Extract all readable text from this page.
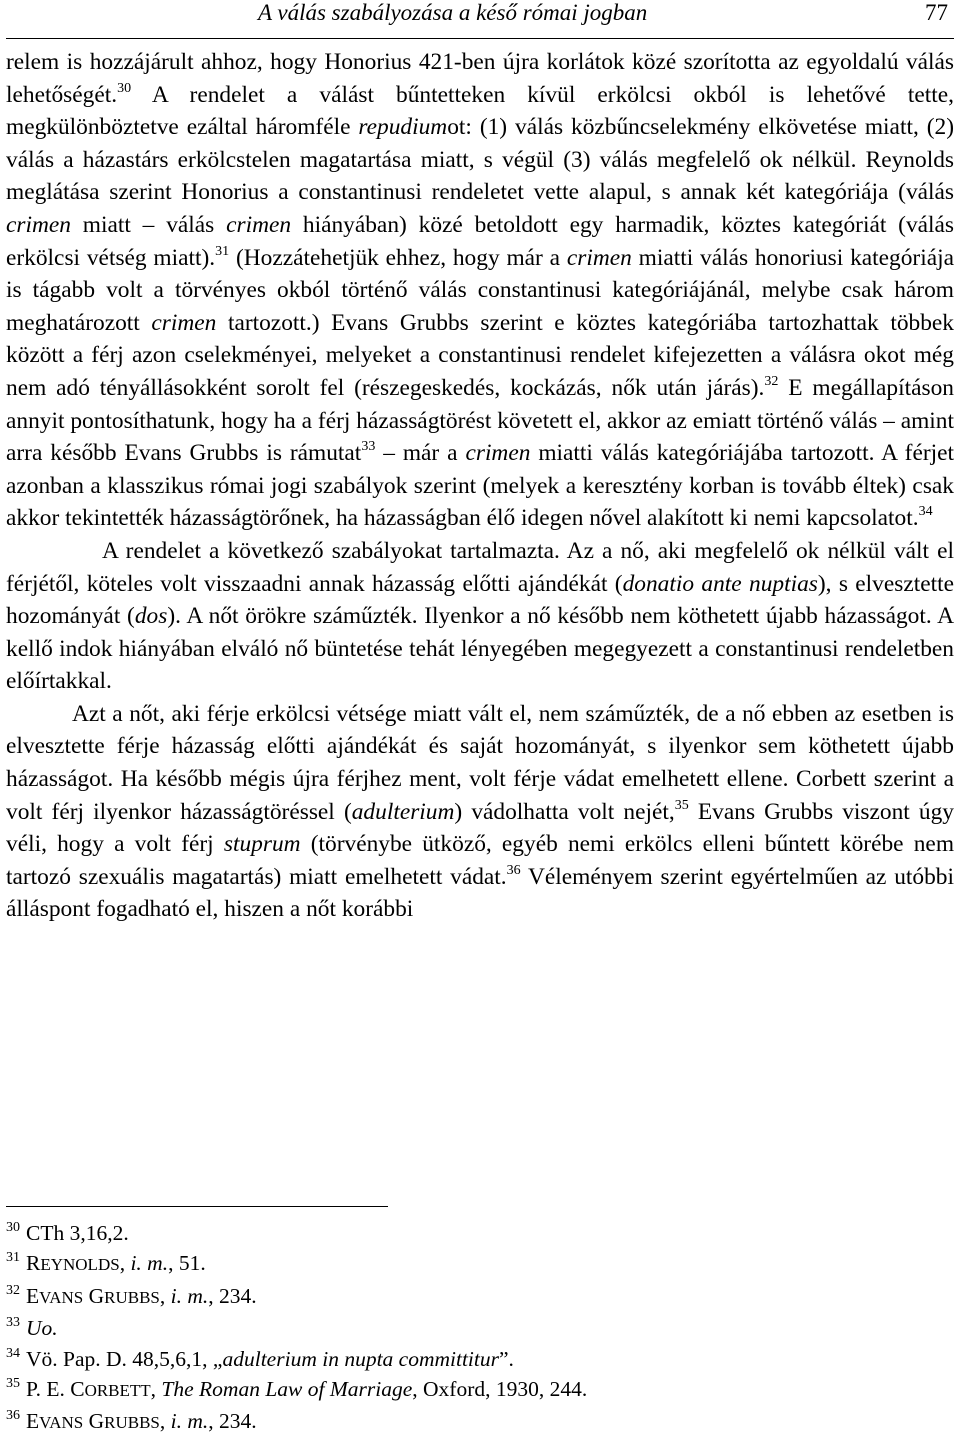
A válás szabályozása a késő római jogban	77

relem is hozzájárult ahhoz, hogy Honorius 421-ben újra korlátok közé szorította az egyoldalú válás lehetőségét.$^{30}$ A rendelet a válást bűntetteken kívül erkölcsi okból is lehetővé tette, megkülönböztetve ezáltal háromféle repudiumot: (1) válás közbűncselekmény elkövetése miatt, (2) válás a házastárs erkölcstelen magatartása miatt, s végül (3) válás megfelelő ok nélkül. Reynolds meglátása szerint Honorius a constantinusi rendeletet vette alapul, s annak két kategóriája (válás crimen miatt – válás crimen hiányában) közé betoldott egy harmadik, köztes kategóriát (válás erkölcsi vétség miatt).$^{31}$ (Hozzátehetjük ehhez, hogy már a crimen miatti válás honoriusi kategóriája is tágabb volt a törvényes okból történő válás constantinusi kategóriájánál, melybe csak három meghatározott crimen tartozott.) Evans Grubbs szerint e köztes kategóriába tartozhattak többek között a férj azon cselekményei, melyeket a constantinusi rendelet kifejezetten a válásra okot még nem adó tényállásokként sorolt fel (részegeskedés, kockázás, nők után járás).$^{32}$ E megállapításon annyit pontosíthatunk, hogy ha a férj házasságtörést követett el, akkor az emiatt történő válás – amint arra később Evans Grubbs is rámutat$^{33}$ – már a crimen miatti válás kategóriájába tartozott. A férjet azonban a klasszikus római jogi szabályok szerint (melyek a keresztény korban is tovább éltek) csak akkor tekintették házasságtörőnek, ha házasságban élő idegen nővel alakított ki nemi kapcsolatot.$^{34}$

A rendelet a következő szabályokat tartalmazta. Az a nő, aki megfelelő ok nélkül vált el férjétől, köteles volt visszaadni annak házasság előtti ajándékát (donatio ante nuptias), s elvesztette hozományát (dos). A nőt örökre száműzték. Ilyenkor a nő később nem köthetett újabb házasságot. A kellő indok hiányában elváló nő büntetése tehát lényegében megegyezett a constantinusi rendeletben előírtakkal.

Azt a nőt, aki férje erkölcsi vétsége miatt vált el, nem száműzték, de a nő ebben az esetben is elvesztette férje házasság előtti ajándékát és saját hozományát, s ilyenkor sem köthetett újabb házasságot. Ha később mégis újra férjhez ment, volt férje vádat emelhetett ellene. Corbett szerint a volt férj ilyenkor házasságtöréssel (adulterium) vádolhatta volt nejét,$^{35}$ Evans Grubbs viszont úgy véli, hogy a volt férj stuprum (törvénybe ütköző, egyéb nemi erkölcs elleni bűntett körébe nem tartozó szexuális magatartás) miatt emelhetett vádat.$^{36}$ Véleményem szerint egyértelműen az utóbbi álláspont fogadható el, hiszen a nőt korábbi

$^{30}$ CTh 3,16,2.
$^{31}$ REYNOLDS, i. m., 51.
$^{32}$ EVANS GRUBBS, i. m., 234.
$^{33}$ Uo.
$^{34}$ Vö. Pap. D. 48,5,6,1, „adulterium in nupta committitur”.
$^{35}$ P. E. CORBETT, The Roman Law of Marriage, Oxford, 1930, 244.
$^{36}$ EVANS GRUBBS, i. m., 234.
